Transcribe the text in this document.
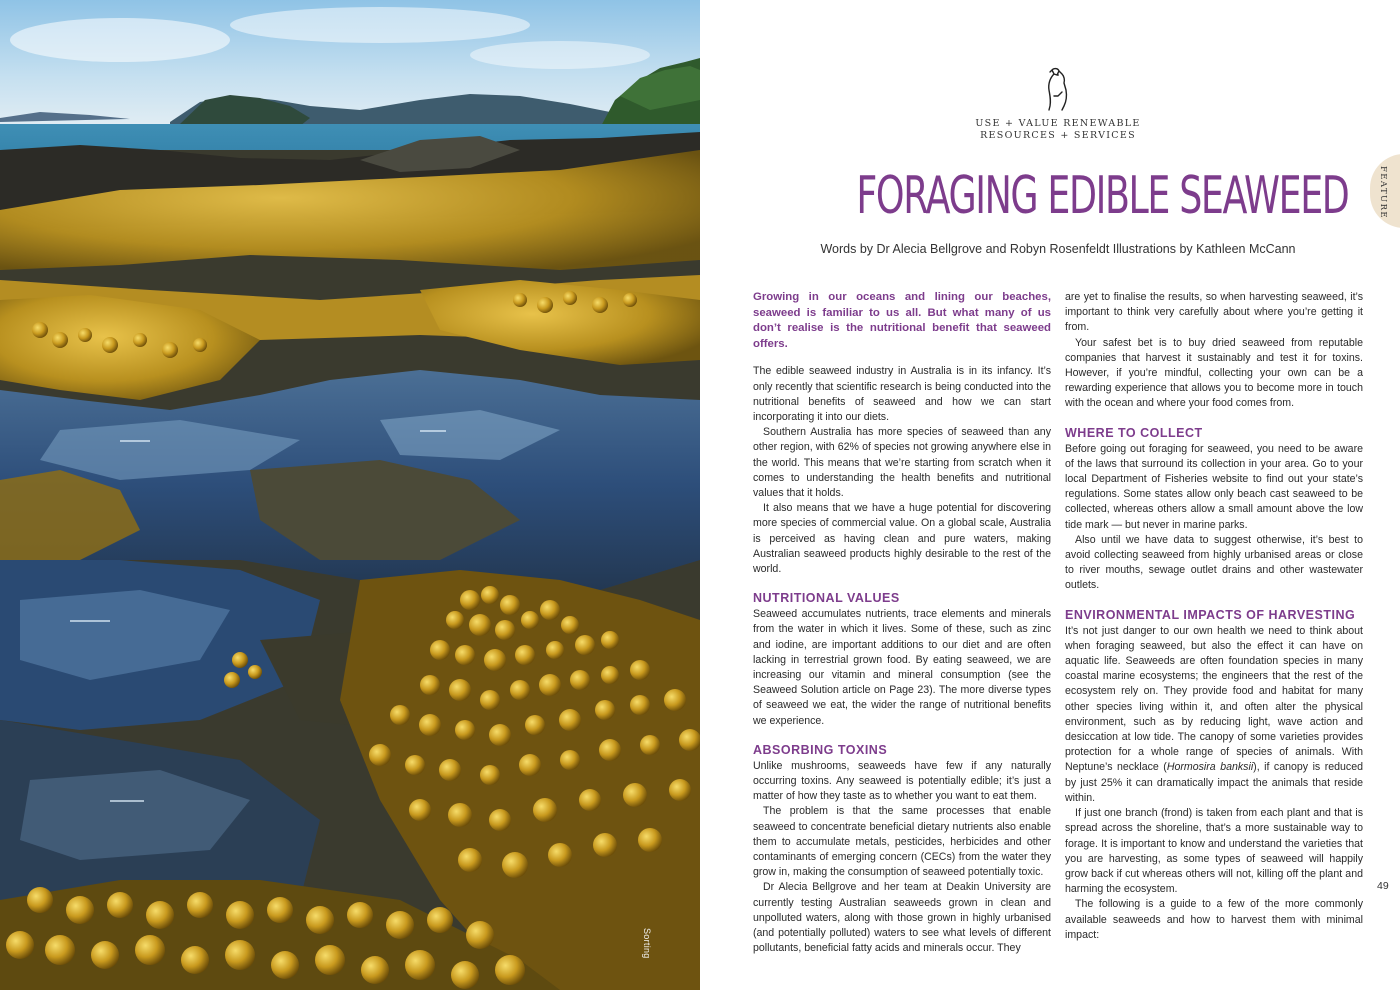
Sorting
USE + VALUE RENEWABLE
RESOURCES + SERVICES
FORAGING EDIBLE SEAWEED
Words by Dr Alecia Bellgrove and Robyn Rosenfeldt Illustrations by Kathleen McCann
FEATURE

Growing in our oceans and lining our beaches, seaweed is familiar to us all. But what many of us don’t realise is the nutritional benefit that seaweed offers.

The edible seaweed industry in Australia is in its infancy. It’s only recently that scientific research is being conducted into the nutritional benefits of seaweed and how we can start incorporating it into our diets.

Southern Australia has more species of seaweed than any other region, with 62% of species not growing anywhere else in the world. This means that we’re starting from scratch when it comes to understanding the health benefits and nutritional values that it holds.

It also means that we have a huge potential for discovering more species of commercial value. On a global scale, Australia is perceived as having clean and pure waters, making Australian seaweed products highly desirable to the rest of the world.

NUTRITIONAL VALUES

Seaweed accumulates nutrients, trace elements and minerals from the water in which it lives. Some of these, such as zinc and iodine, are important additions to our diet and are often lacking in terrestrial grown food. By eating seaweed, we are increasing our vitamin and mineral consumption (see the Seaweed Solution article on Page 23). The more diverse types of seaweed we eat, the wider the range of nutritional benefits we experience.

ABSORBING TOXINS

Unlike mushrooms, seaweeds have few if any naturally occurring toxins. Any seaweed is potentially edible; it’s just a matter of how they taste as to whether you want to eat them.

The problem is that the same processes that enable seaweed to concentrate beneficial dietary nutrients also enable them to accumulate metals, pesticides, herbicides and other contaminants of emerging concern (CECs) from the water they grow in, making the consumption of seaweed potentially toxic.

Dr Alecia Bellgrove and her team at Deakin University are currently testing Australian seaweeds grown in clean and unpolluted waters, along with those grown in highly urbanised (and potentially polluted) waters to see what levels of different pollutants, beneficial fatty acids and minerals occur. They

are yet to finalise the results, so when harvesting seaweed, it’s important to think very carefully about where you’re getting it from.

Your safest bet is to buy dried seaweed from reputable companies that harvest it sustainably and test it for toxins. However, if you’re mindful, collecting your own can be a rewarding experience that allows you to become more in touch with the ocean and where your food comes from.

WHERE TO COLLECT

Before going out foraging for seaweed, you need to be aware of the laws that surround its collection in your area. Go to your local Department of Fisheries website to find out your state’s regulations. Some states allow only beach cast seaweed to be collected, whereas others allow a small amount above the low tide mark — but never in marine parks.

Also until we have data to suggest otherwise, it’s best to avoid collecting seaweed from highly urbanised areas or close to river mouths, sewage outlet drains and other wastewater outlets.

ENVIRONMENTAL IMPACTS OF HARVESTING

It’s not just danger to our own health we need to think about when foraging seaweed, but also the effect it can have on aquatic life. Seaweeds are often foundation species in many coastal marine ecosystems; the engineers that the rest of the ecosystem rely on. They provide food and habitat for many other species living within it, and often alter the physical environment, such as by reducing light, wave action and desiccation at low tide. The canopy of some varieties provides protection for a whole range of species of animals. With Neptune’s necklace (Hormosira banksii), if canopy is reduced by just 25% it can dramatically impact the animals that reside within.

If just one branch (frond) is taken from each plant and that is spread across the shoreline, that’s a more sustainable way to forage. It is important to know and understand the varieties that you are harvesting, as some types of seaweed will happily grow back if cut whereas others will not, killing off the plant and harming the ecosystem.

The following is a guide to a few of the more commonly available seaweeds and how to harvest them with minimal impact:

49
